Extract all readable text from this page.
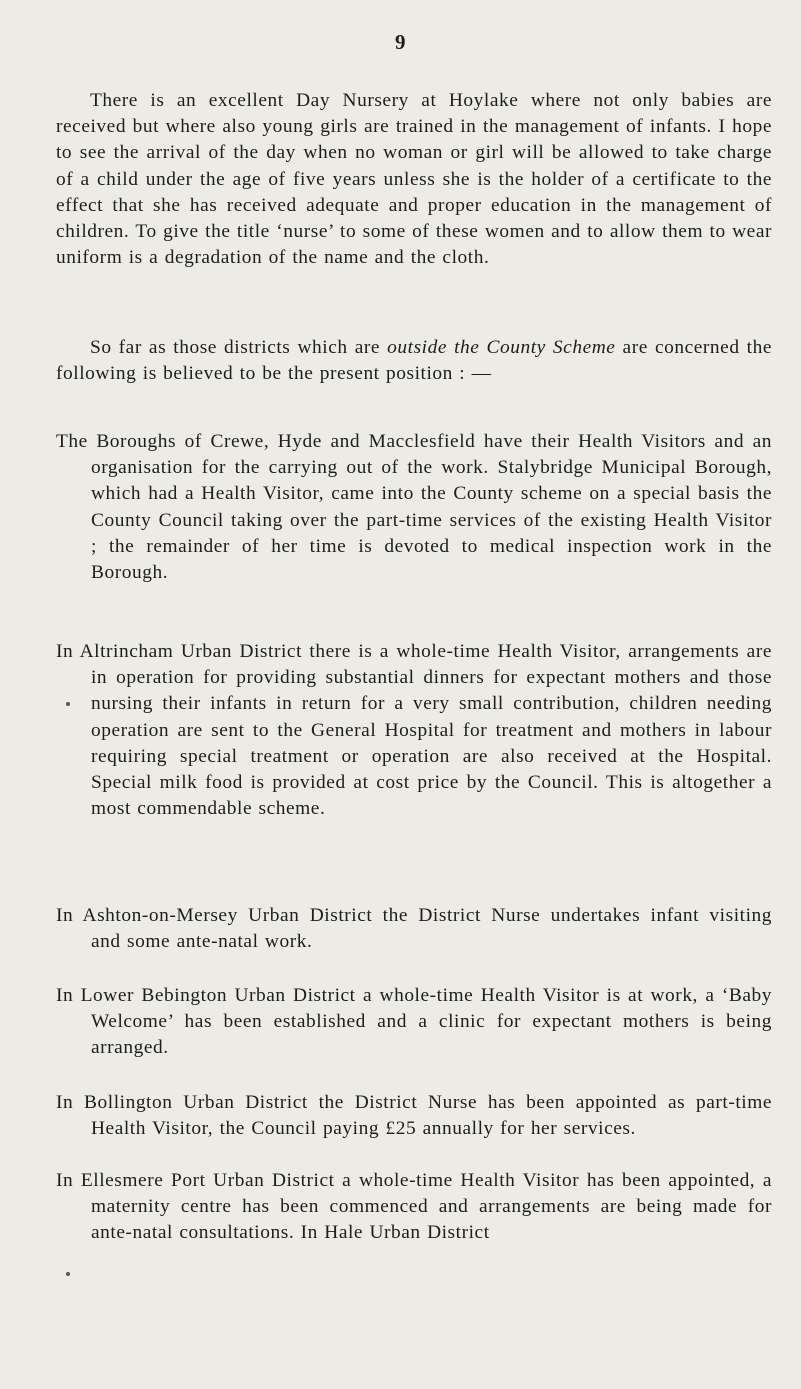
9

There is an excellent Day Nursery at Hoylake where not only babies are received but where also young girls are trained in the management of infants. I hope to see the arrival of the day when no woman or girl will be allowed to take charge of a child under the age of five years unless she is the holder of a certificate to the effect that she has received adequate and proper education in the management of children. To give the title ‘nurse’ to some of these women and to allow them to wear uniform is a degradation of the name and the cloth.

So far as those districts which are outside the County Scheme are concerned the following is believed to be the present position : —

The Boroughs of Crewe, Hyde and Macclesfield have their Health Visitors and an organisation for the carrying out of the work. Stalybridge Municipal Borough, which had a Health Visitor, came into the County scheme on a special basis the County Council taking over the part-time services of the existing Health Visitor ; the remainder of her time is devoted to medical inspection work in the Borough.

In Altrincham Urban District there is a whole-time Health Visitor, arrangements are in operation for providing substantial dinners for expectant mothers and those nursing their infants in return for a very small contribution, children needing operation are sent to the General Hospital for treatment and mothers in labour requiring special treatment or operation are also received at the Hospital. Special milk food is provided at cost price by the Council. This is altogether a most commendable scheme.

In Ashton-on-Mersey Urban District the District Nurse undertakes infant visiting and some ante-natal work.

In Lower Bebington Urban District a whole-time Health Visitor is at work, a ‘Baby Welcome’ has been established and a clinic for expectant mothers is being arranged.

In Bollington Urban District the District Nurse has been appointed as part-time Health Visitor, the Council paying £25 annually for her services.

In Ellesmere Port Urban District a whole-time Health Visitor has been appointed, a maternity centre has been commenced and arrangements are being made for ante-natal consultations. In Hale Urban District
